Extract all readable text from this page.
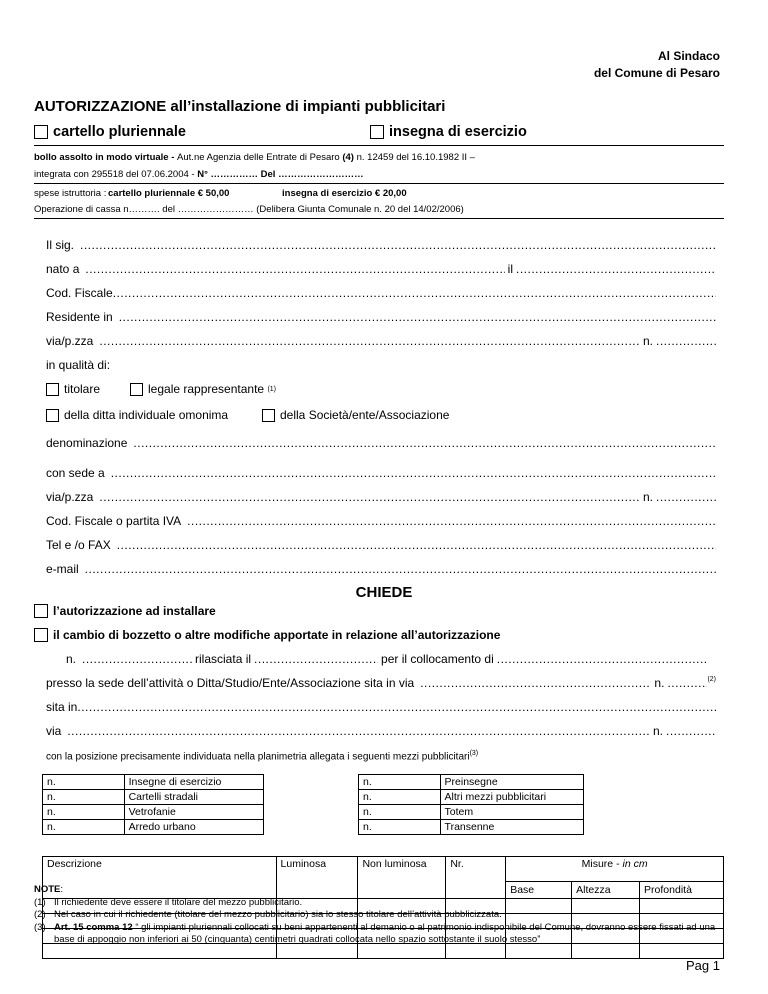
Al Sindaco
del Comune di Pesaro
AUTORIZZAZIONE all’installazione di impianti pubblicitari
cartello pluriennale	insegna di esercizio
bollo assolto in modo virtuale - Aut.ne Agenzia delle Entrate di Pesaro (4) n. 12459 del 16.10.1982 II –
integrata con 295518 del 07.06.2004 - N° …………… Del ………………………
spese istruttoria : cartello pluriennale € 50,00	insegna di esercizio € 20,00
Operazione di cassa n………. del …………………… (Delibera Giunta Comunale n. 20 del 14/02/2006)
Il sig.
.....
nato a .....	il
.....
Cod. Fiscale
.....
Residente in
.....
via/p.zza .....	n.
.....
in qualità di:
titolare	legale rappresentante
(1)
della ditta individuale omonima	della Società/ente/Associazione
denominazione
.....
con sede a
.....
via/p.zza .....	n.
.....
Cod. Fiscale o partita IVA
.....
Tel e /o FAX
.....
e-mail
.....
CHIEDE
l’autorizzazione ad installare
il cambio di bozzetto o altre modifiche apportate in relazione all’autorizzazione
n. .....	rilasciata il .....	per il collocamento di
.....
presso la sede dell’attività o Ditta/Studio/Ente/Associazione sita in via .....	n. .....	(2)
sita in
.....
via .....	n.
.....
con la posizione precisamente individuata nella planimetria allegata i seguenti mezzi pubblicitari$^{(3)}$
n.	Insegne di esercizio
n.	Cartelli stradali
n.	Vetrofanie
n.	Arredo urbano
n.	Preinsegne
n.	Altri mezzi pubblicitari
n.	Totem
n.	Transenne
Descrizione	Luminosa	Non luminosa	Nr.	Misure - in cm		
				Base	Altezza	Profondità

NOTE:
(1) Il richiedente deve essere il titolare del mezzo pubblicitario.
(2) Nel caso in cui il richiedente (titolare del mezzo pubblicitario) sia lo stesso titolare dell’attività pubblicizzata.
(3) Art. 15 comma 12 “ gli impianti pluriennali collocati su beni appartenenti al demanio o al patrimonio indisponibile del Comune, dovranno essere fissati ad una base di appoggio non inferiori ai 50 (cinquanta) centimetri quadrati collocata nello spazio sottostante il suolo stesso”
Pag 1
